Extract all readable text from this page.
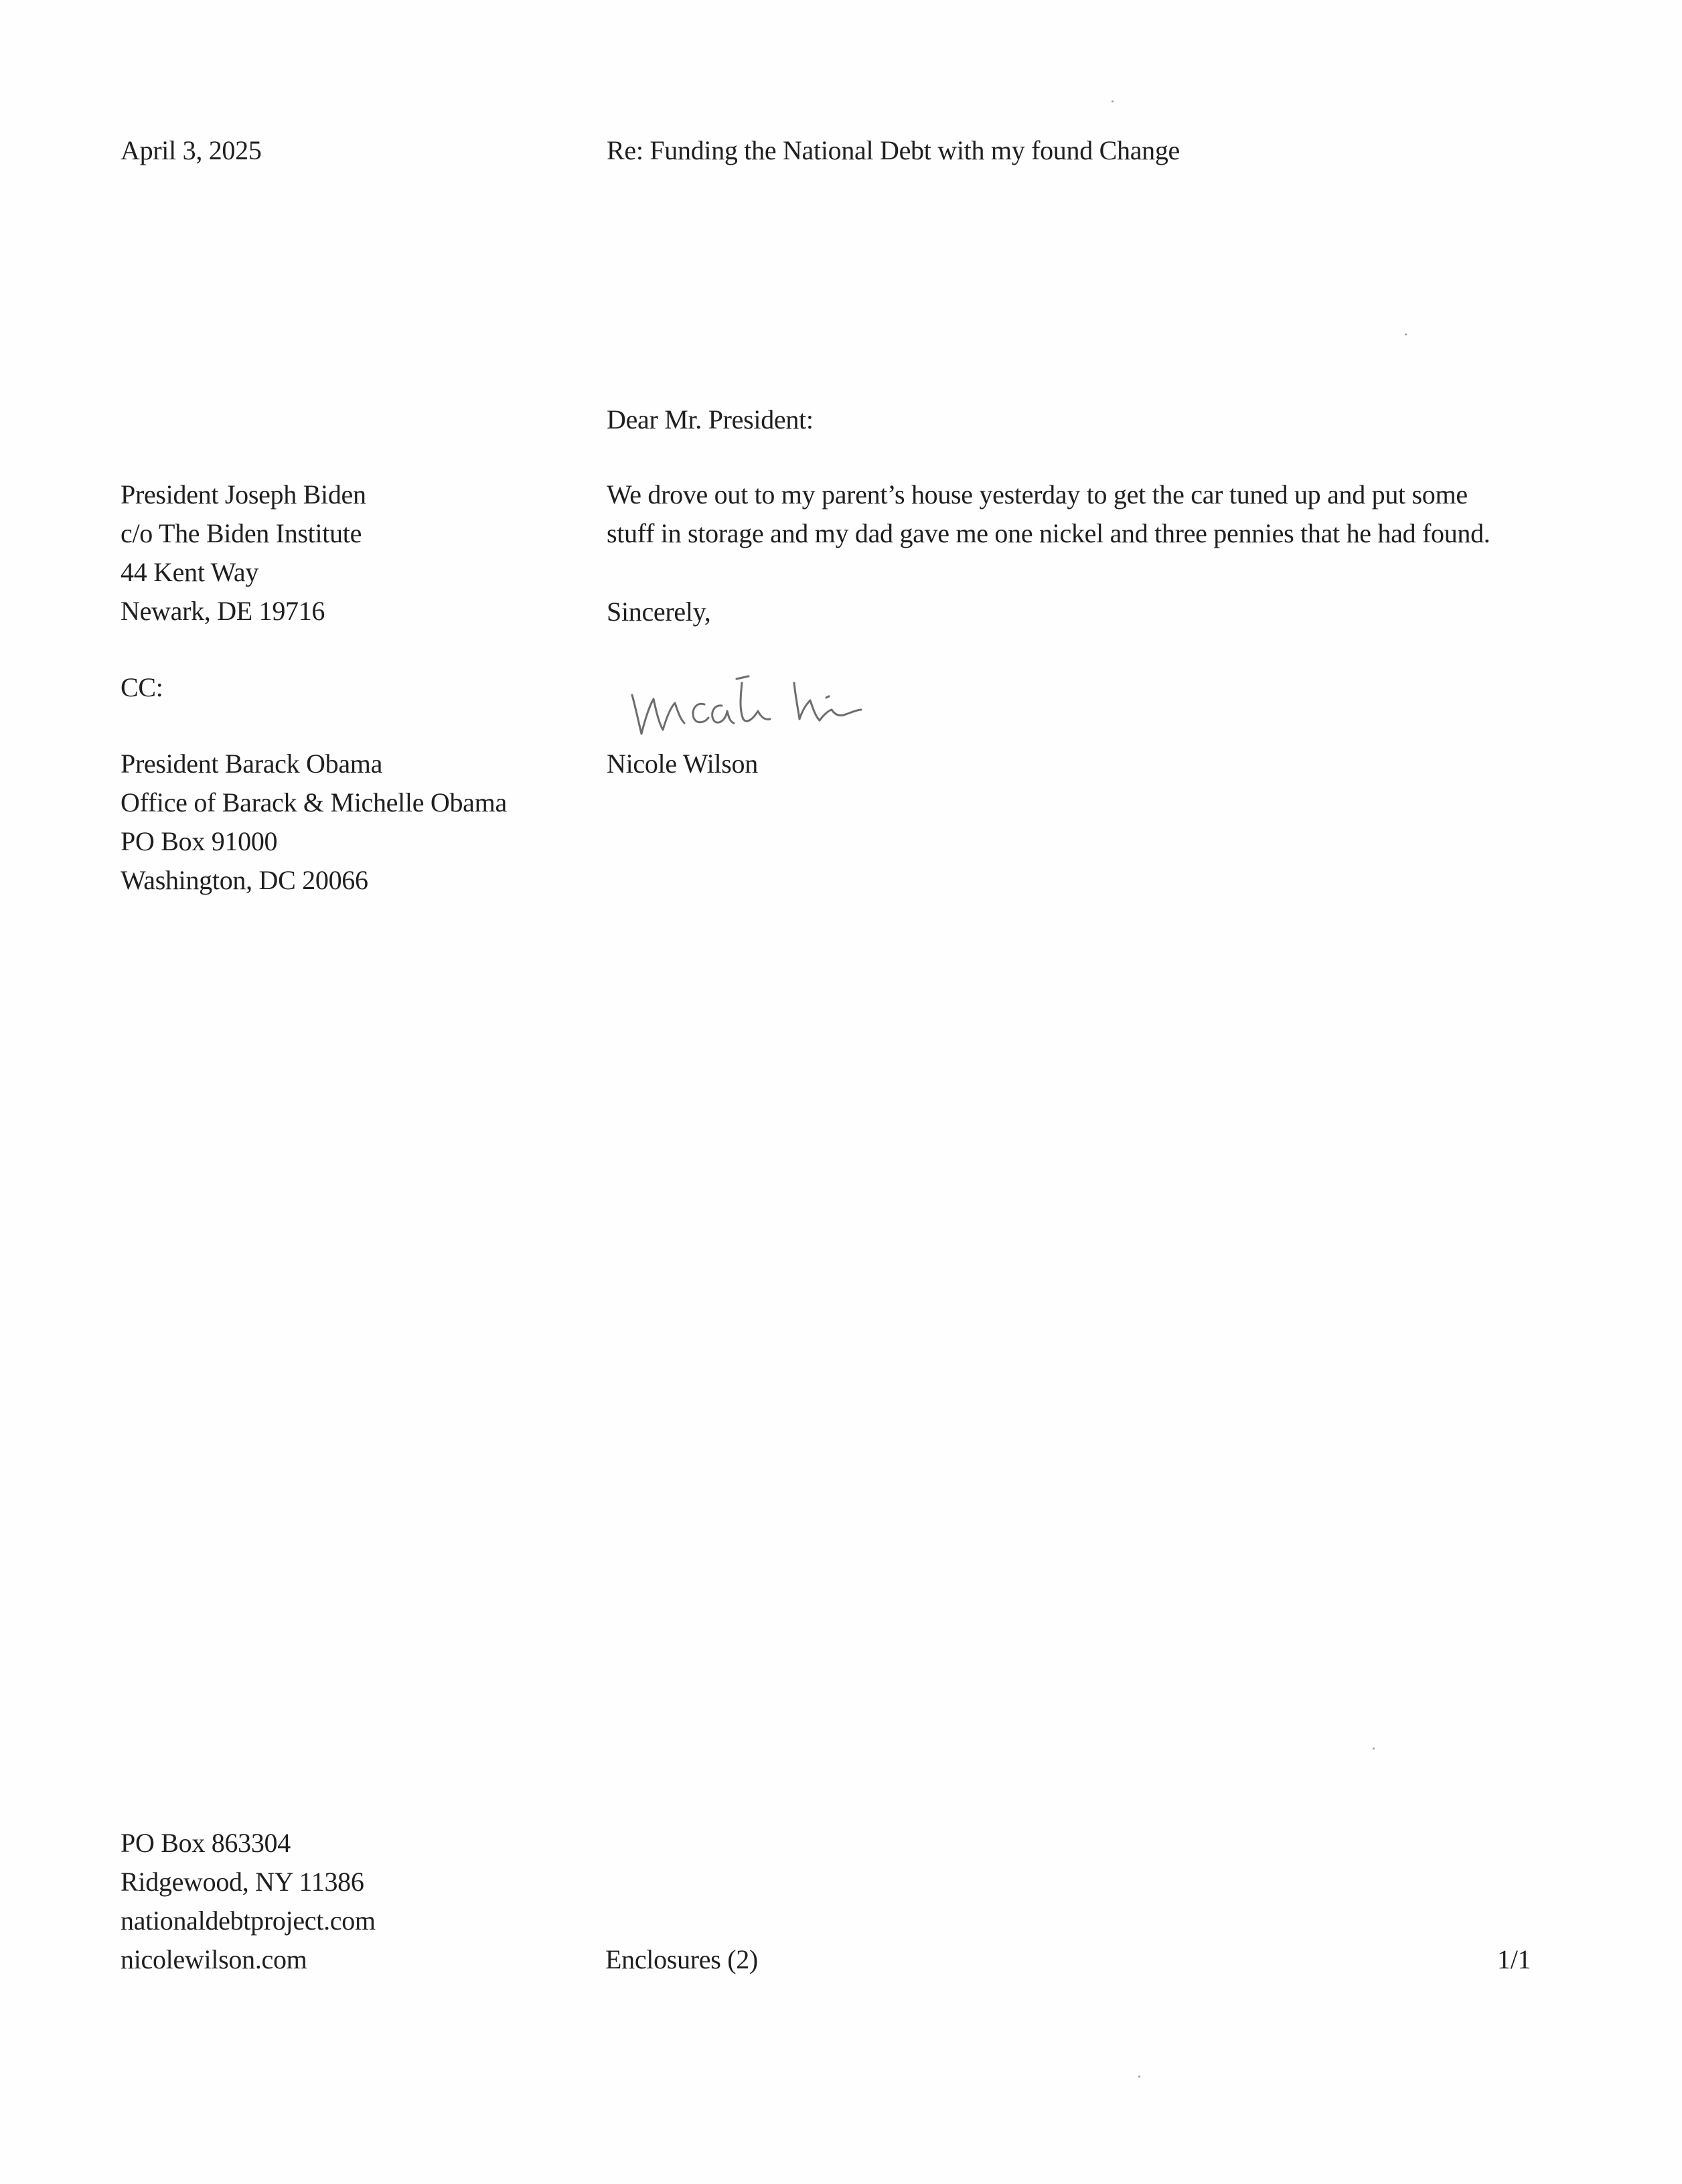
April 3, 2025	Re: Funding the National Debt with my found Change
Dear Mr. President:
President Joseph Biden
c/o The Biden Institute
44 Kent Way
Newark, DE 19716
We drove out to my parent’s house yesterday to get the car tuned up and put some
stuff in storage and my dad gave me one nickel and three pennies that he had found.
Sincerely,
CC:
Nicole Wilson
President Barack Obama
Office of Barack & Michelle Obama
PO Box 91000
Washington, DC 20066
PO Box 863304
Ridgewood, NY 11386
nationaldebtproject.com
nicolewilson.com	Enclosures (2)	1/1
